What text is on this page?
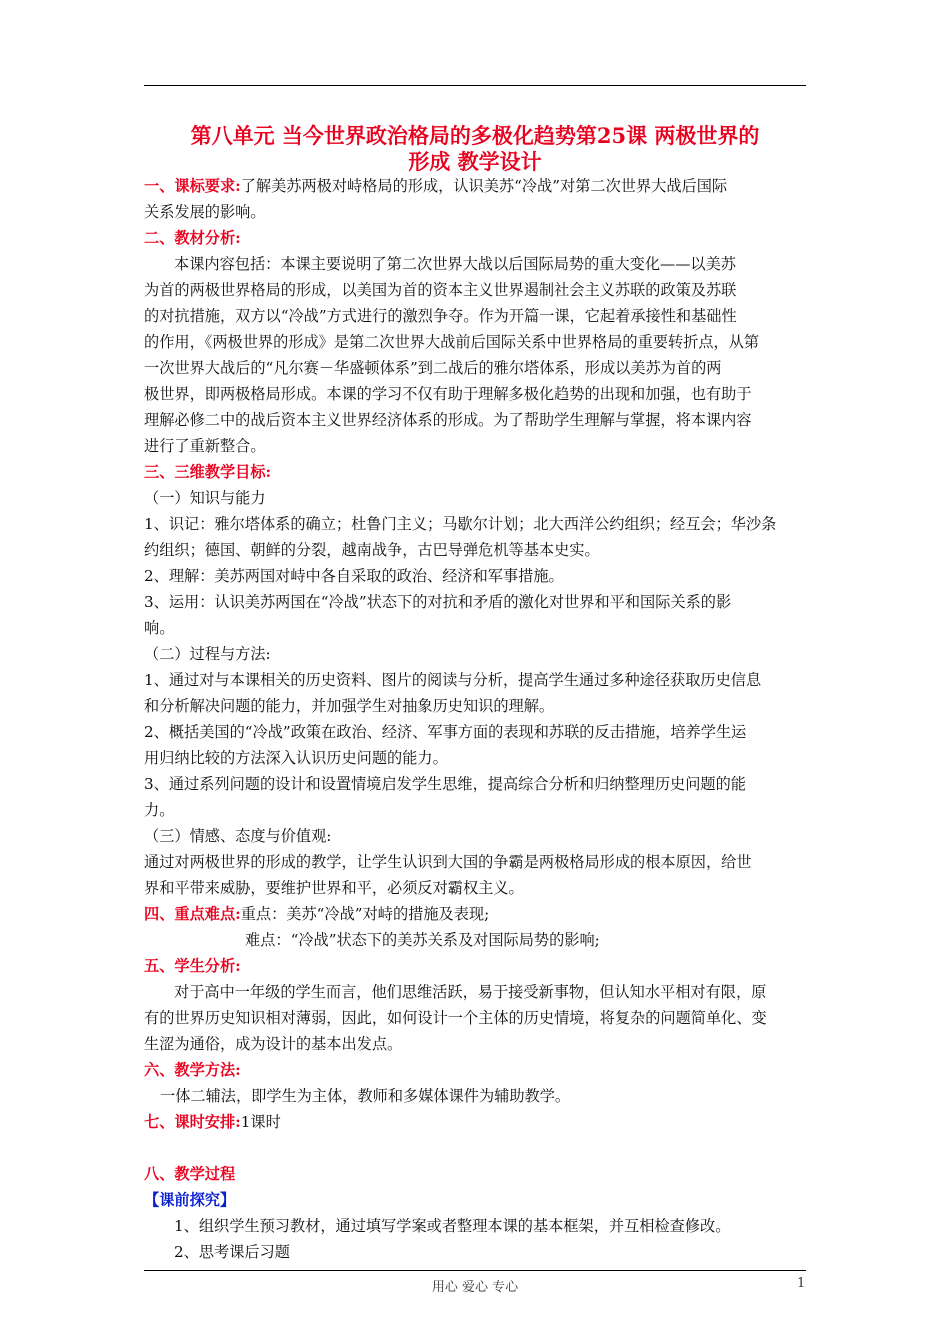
第八单元 当今世界政治格局的多极化趋势第25课 两极世界的
形成 教学设计
一、课标要求:了解美苏两极对峙格局的形成，认识美苏“冷战”对第二次世界大战后国际
关系发展的影响。
二、教材分析:
本课内容包括：本课主要说明了第二次世界大战以后国际局势的重大变化——以美苏
为首的两极世界格局的形成，以美国为首的资本主义世界遏制社会主义苏联的政策及苏联
的对抗措施，双方以“冷战”方式进行的激烈争夺。作为开篇一课，它起着承接性和基础性
的作用，《两极世界的形成》是第二次世界大战前后国际关系中世界格局的重要转折点，从第
一次世界大战后的“凡尔赛－华盛顿体系”到二战后的雅尔塔体系，形成以美苏为首的两
极世界，即两极格局形成。本课的学习不仅有助于理解多极化趋势的出现和加强，也有助于
理解必修二中的战后资本主义世界经济体系的形成。为了帮助学生理解与掌握，将本课内容
进行了重新整合。
三、三维教学目标:
（一）知识与能力
1、识记：雅尔塔体系的确立；杜鲁门主义；马歇尔计划；北大西洋公约组织；经互会；华沙条
约组织；德国、朝鲜的分裂，越南战争，古巴导弹危机等基本史实。
2、理解：美苏两国对峙中各自采取的政治、经济和军事措施。
3、运用：认识美苏两国在“冷战”状态下的对抗和矛盾的激化对世界和平和国际关系的影
响。
（二）过程与方法:
1、通过对与本课相关的历史资料、图片的阅读与分析，提高学生通过多种途径获取历史信息
和分析解决问题的能力，并加强学生对抽象历史知识的理解。
2、概括美国的“冷战”政策在政治、经济、军事方面的表现和苏联的反击措施，培养学生运
用归纳比较的方法深入认识历史问题的能力。
3、通过系列问题的设计和设置情境启发学生思维，提高综合分析和归纳整理历史问题的能
力。
（三）情感、态度与价值观:
通过对两极世界的形成的教学，让学生认识到大国的争霸是两极格局形成的根本原因，给世
界和平带来威胁，要维护世界和平，必须反对霸权主义。
四、重点难点:重点：美苏“冷战”对峙的措施及表现;
难点：“冷战”状态下的美苏关系及对国际局势的影响;
五、学生分析:
对于高中一年级的学生而言，他们思维活跃，易于接受新事物，但认知水平相对有限，原
有的世界历史知识相对薄弱，因此，如何设计一个主体的历史情境，将复杂的问题简单化、变
生涩为通俗，成为设计的基本出发点。
六、教学方法:
一体二辅法，即学生为主体，教师和多媒体课件为辅助教学。
七、课时安排:1课时
八、教学过程
【课前探究】
1、组织学生预习教材，通过填写学案或者整理本课的基本框架，并互相检查修改。
2、思考课后习题
用心 爱心 专心	1
